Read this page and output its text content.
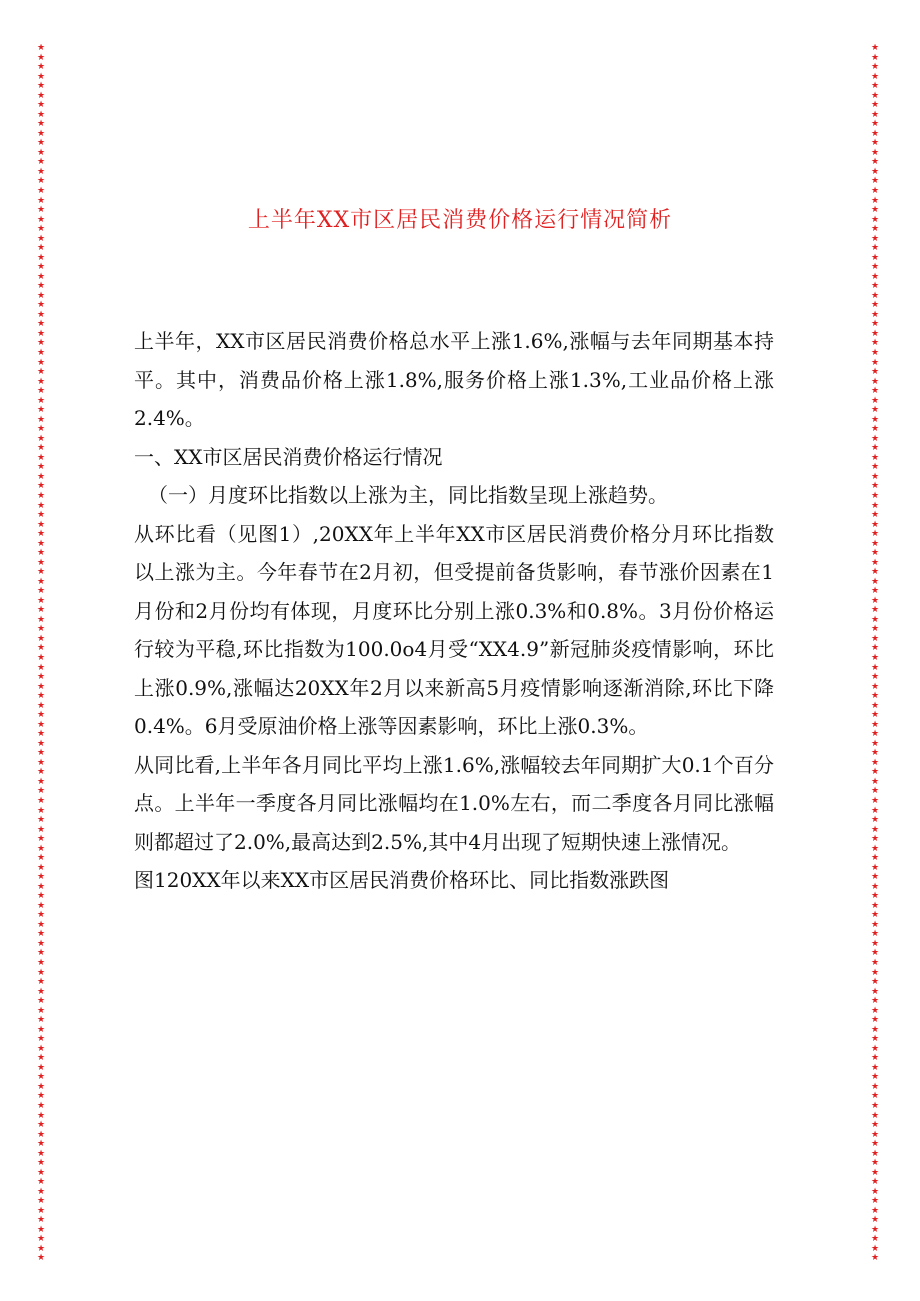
★
★
★
★
★
★
★
★
★
★
★
★
★
★
★
★
★
★
★
★
★
★
★
★
★
★
★
★
★
★
★
★
★
★
★
★
★
★
★
★
★
★
★
★
★
★
★
★
★
★
★
★
★
★
★
★
★
★
★
★
★
★
★
★
★
★
★
★
★
★
★
★
★
★
★
★
★
★
★
★
★
★
★
★
★
★
★
★
★
★
★
★
★
★
★
★
★
★
★
★
★
★
★
★
★
★
★
★
★
★
★
★
★
★
★
★
★
★
★
★
★
★
★
★
★
★
★
★
★
★
★
★
★
★
★
★
★
★
★
★
★
★
★
★
★
★
★
★
★
★
★
★
★
★
★
★
★
★
★
★
★
★
★
★
★
★
★
★
★
★
★
★
★
★
★
★
★
★
★
★
★
★
★
★
★
★
★
★
★
★
★
★
★
★
★
★
★
★
★
★
★
★
★
★
★
★
★
★
★
★
★
★
★
★
★
★
★
★
★
★
★
★
★
★
★
★
★
★
★
★
★
★
★
★
★
★
★
★
★
★
★
★
★
★
★
★
★
★
★
★
★
★
★
★
★
★
上半年XX市区居民消费价格运行情况简析

上半年，XX市区居民消费价格总水平上涨1.6%,涨幅与去年同期基本持平。其中，消费品价格上涨1.8%,服务价格上涨1.3%,工业品价格上涨2.4%。

一、XX市区居民消费价格运行情况

（一）月度环比指数以上涨为主，同比指数呈现上涨趋势。

从环比看（见图1）,20XX年上半年XX市区居民消费价格分月环比指数以上涨为主。今年春节在2月初，但受提前备货影响，春节涨价因素在1月份和2月份均有体现，月度环比分别上涨0.3%和0.8%。3月份价格运行较为平稳,环比指数为100.0o4月受“XX4.9”新冠肺炎疫情影响，环比上涨0.9%,涨幅达20XX年2月以来新高5月疫情影响逐渐消除,环比下降0.4%。6月受原油价格上涨等因素影响，环比上涨0.3%。

从同比看,上半年各月同比平均上涨1.6%,涨幅较去年同期扩大0.1个百分点。上半年一季度各月同比涨幅均在1.0%左右，而二季度各月同比涨幅则都超过了2.0%,最高达到2.5%,其中4月出现了短期快速上涨情况。

图120XX年以来XX市区居民消费价格环比、同比指数涨跌图
